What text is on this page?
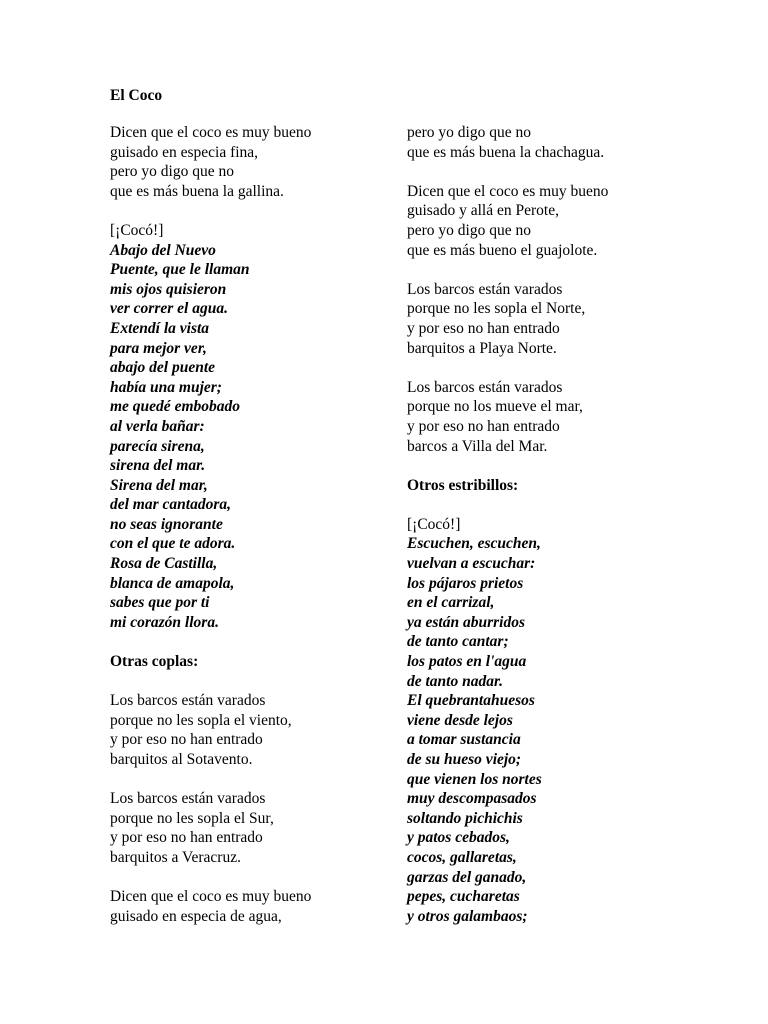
El Coco
Dicen que el coco es muy bueno
guisado en especia fina,
pero yo digo que no
que es más buena la gallina.
[¡Cocó!]
Abajo del Nuevo
Puente, que le llaman
mis ojos quisieron
ver correr el agua.
Extendí la vista
para mejor ver,
abajo del puente
había una mujer;
me quedé embobado
al verla bañar:
parecía sirena,
sirena del mar.
Sirena del mar,
del mar cantadora,
no seas ignorante
con el que te adora.
Rosa de Castilla,
blanca de amapola,
sabes que por ti
mi corazón llora.
Otras coplas:
Los barcos están varados
porque no les sopla el viento,
y por eso no han entrado
barquitos al Sotavento.
Los barcos están varados
porque no les sopla el Sur,
y por eso no han entrado
barquitos a Veracruz.
Dicen que el coco es muy bueno
guisado en especia de agua,
pero yo digo que no
que es más buena la chachagua.
Dicen que el coco es muy bueno
guisado y allá en Perote,
pero yo digo que no
que es más bueno el guajolote.
Los barcos están varados
porque no les sopla el Norte,
y por eso no han entrado
barquitos a Playa Norte.
Los barcos están varados
porque no los mueve el mar,
y por eso no han entrado
barcos a Villa del Mar.
Otros estribillos:
[¡Cocó!]
Escuchen, escuchen,
vuelvan a escuchar:
los pájaros prietos
en el carrizal,
ya están aburridos
de tanto cantar;
los patos en l'agua
de tanto nadar.
El quebrantahuesos
viene desde lejos
a tomar sustancia
de su hueso viejo;
que vienen los nortes
muy descompasados
soltando pichichis
y patos cebados,
cocos, gallaretas,
garzas del ganado,
pepes, cucharetas
y otros galambaos;
